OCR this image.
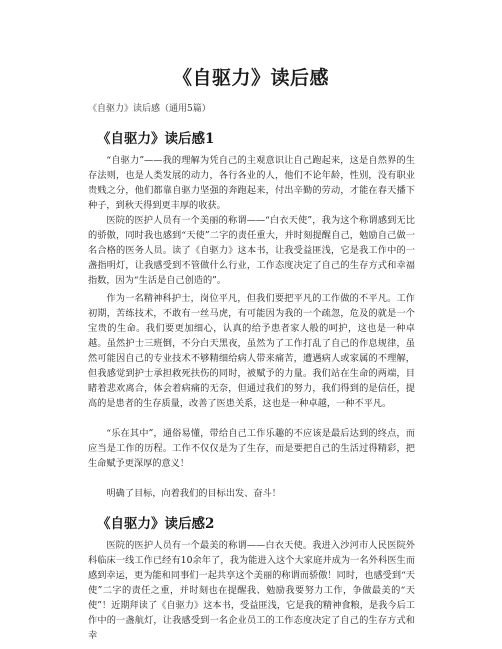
《自驱力》读后感
《自驱力》读后感（通用5篇）
《自驱力》读后感1

“自驱力”——我的理解为凭自己的主观意识让自己跑起来，这是自然界的生存法则，也是人类发展的动力，各行各业的人，他们不论年龄，性别，没有职业贵贱之分，他们都靠自驱力坚强的奔跑起来，付出辛勤的劳动，才能在春天播下种子，到秋天得到更丰厚的收获。

医院的医护人员有一个美丽的称谓——“白衣天使”，我为这个称谓感到无比的骄傲，同时我也感到“天使”二字的责任重大，并时刻提醒自己，勉励自己做一名合格的医务人员。读了《自驱力》这本书，让我受益匪浅，它是我工作中的一盏指明灯，让我感受到不管做什么行业，工作态度决定了自己的生存方式和幸福指数，因为“生活是自己创造的”。

作为一名精神科护士，岗位平凡，但我们要把平凡的工作做的不平凡。工作初期，苦练技术，不敢有一丝马虎，有可能因为我的一个疏忽，危及的就是一个宝贵的生命。我们要更加细心，认真的给予患者家人般的呵护，这也是一种卓越。虽然护士三班倒，不分白天黑夜，虽然为了工作打乱了自己的作息规律，虽然可能因自己的专业技术不够精细给病人带来痛苦，遭遇病人或家属的不理解，但我感觉到护士承担救死扶伤的同时，被赋予的力量。我们站在生命的两端，目睹着悲欢离合，体会着病痛的无奈，但通过我们的努力，我们得到的是信任，提高的是患者的生存质量，改善了医患关系，这也是一种卓越，一种不平凡。

“乐在其中”，通俗易懂，带给自己工作乐趣的不应该是最后达到的终点，而应当是工作的历程。工作不仅仅是为了生存，而是要把自己的生活过得精彩，把生命赋予更深厚的意义！

明确了目标，向着我们的目标出发、奋斗！

《自驱力》读后感2

医院的医护人员有一个最美的称谓——白衣天使。我进入沙河市人民医院外科临床一线工作已经有10余年了，我为能进入这个大家庭并成为一名外科医生而感到幸运，更为能和同事们一起共享这个美丽的称谓而骄傲！同时，也感受到“天使”二字的责任之重，并时刻也在提醒我、勉励我要努力工作，争做最美的“天使”！近期拜读了《自驱力》这本书，受益匪浅，它是我的精神食粮，是我今后工作中的一盏航灯，让我感受到一名企业员工的工作态度决定了自己的生存方式和幸
